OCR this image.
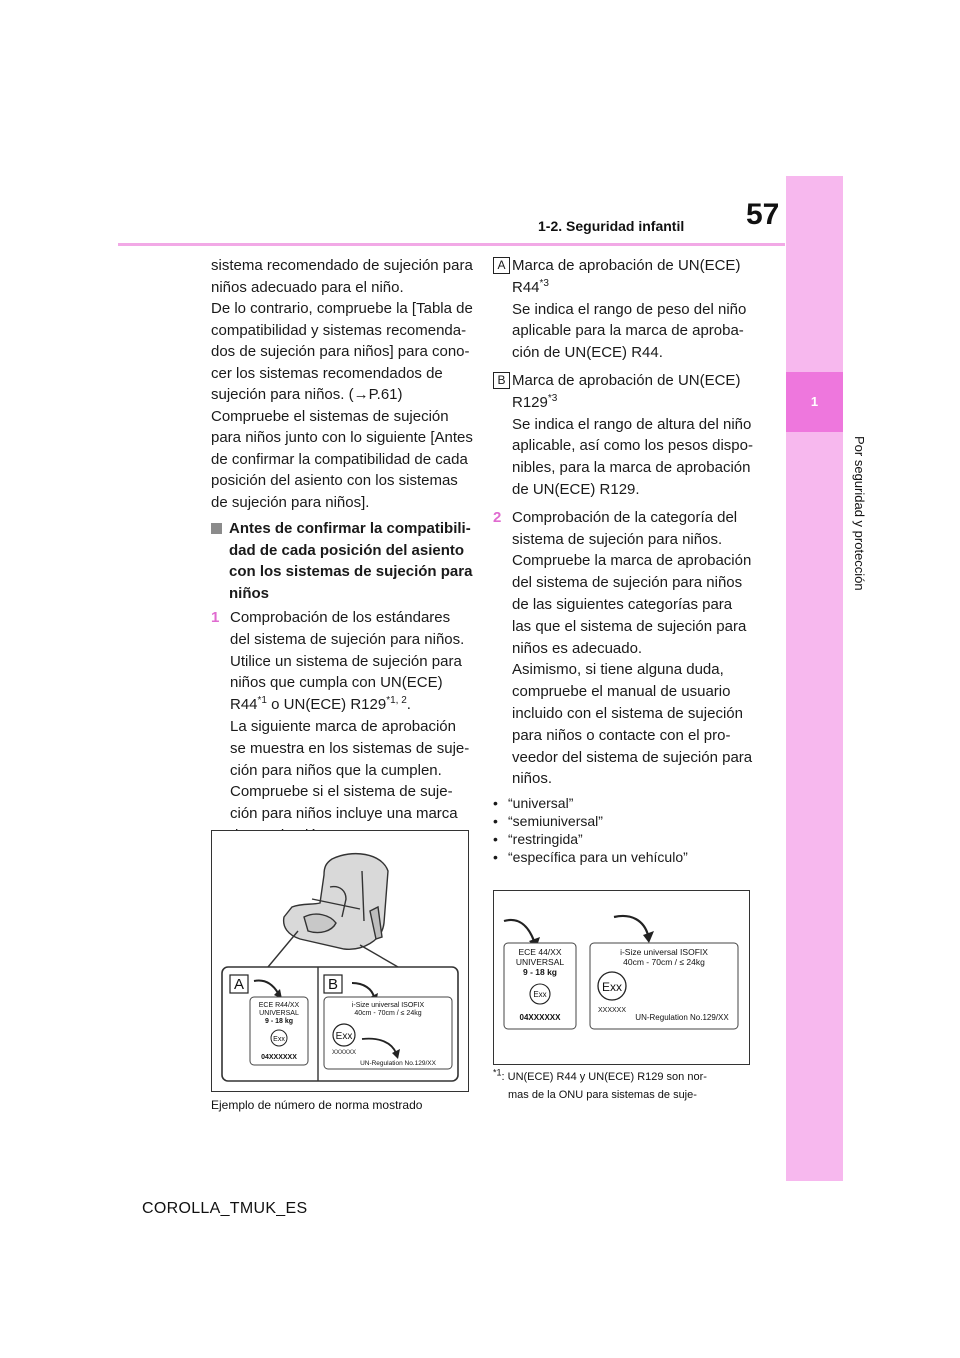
57
1-2. Seguridad infantil
1
Por seguridad y protección

sistema recomendado de sujeción para

niños adecuado para el niño.

De lo contrario, compruebe la [Tabla de

compatibilidad y sistemas recomenda-

dos de sujeción para niños] para cono-

cer los sistemas recomendados de

sujeción para niños. (→P.61)

Compruebe el sistemas de sujeción

para niños junto con lo siguiente [Antes

de confirmar la compatibilidad de cada

posición del asiento con los sistemas

de sujeción para niños].

Antes de confirmar la compatibili-

dad de cada posición del asiento

con los sistemas de sujeción para

niños

1 Comprobación de los estándares

del sistema de sujeción para niños.

Utilice un sistema de sujeción para

niños que cumpla con UN(ECE)

R44$^{*1}$ o UN(ECE) R129$^{*1, 2}$.

La siguiente marca de aprobación

se muestra en los sistemas de suje-

ción para niños que la cumplen.

Compruebe si el sistema de suje-

ción para niños incluye una marca

A	B
ECE R44/XX
UNIVERSAL
9 - 18 kg
Exx
04XXXXXX
i-Size universal ISOFIX
40cm - 70cm / ≤ 24kg
Exx
XXXXXX
UN-Regulation No.129/XX
Ejemplo de número de norma mostrado
A Marca de aprobación de UN(ECE)

R44$^{*3}$

Se indica el rango de peso del niño

aplicable para la marca de aproba-

ción de UN(ECE) R44.

B Marca de aprobación de UN(ECE)

R129$^{*3}$

Se indica el rango de altura del niño

aplicable, así como los pesos dispo-

nibles, para la marca de aprobación

de UN(ECE) R129.

2 Comprobación de la categoría del

sistema de sujeción para niños.

Compruebe la marca de aprobación

del sistema de sujeción para niños

de las siguientes categorías para

las que el sistema de sujeción para

niños es adecuado.

Asimismo, si tiene alguna duda,

compruebe el manual de usuario

incluido con el sistema de sujeción

para niños o contacte con el pro-

veedor del sistema de sujeción para

niños.

• “universal”
• “semiuniversal”
• “restringida”
• “específica para un vehículo”
ECE 44/XX
UNIVERSAL
9 - 18 kg
Exx
04XXXXXX
i-Size universal ISOFIX
40cm - 70cm / ≤ 24kg
Exx
XXXXXX
UN-Regulation No.129/XX

$^{*1}$: UN(ECE) R44 y UN(ECE) R129 son nor-

mas de la ONU para sistemas de suje-

COROLLA_TMUK_ES
